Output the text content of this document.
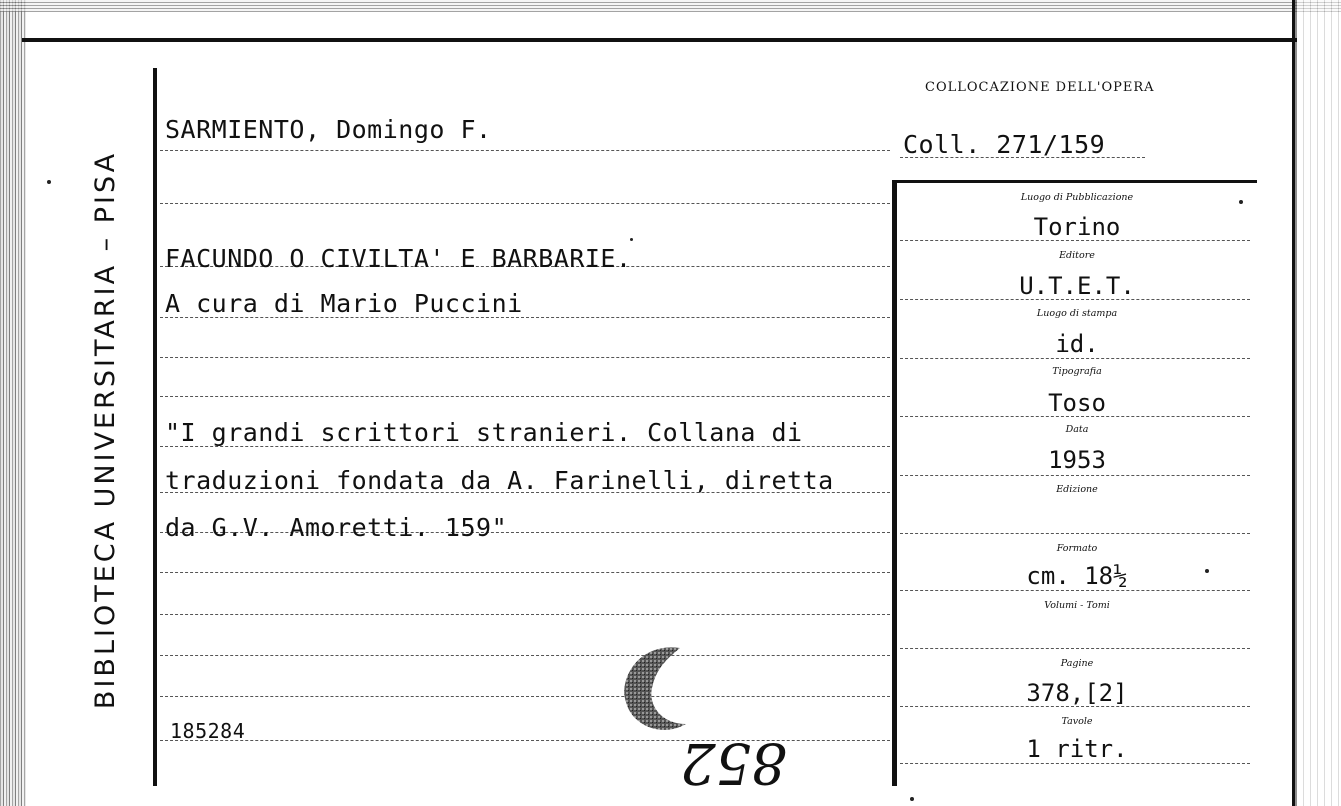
BIBLIOTECA UNIVERSITARIA – PISA
COLLOCAZIONE DELL'OPERA
Coll. 271/159
SARMIENTO, Domingo F.
FACUNDO O CIVILTA' E BARBARIE.
A cura di Mario Puccini
"I grandi scrittori stranieri. Collana di
traduzioni fondata da A. Farinelli, diretta
da G.V. Amoretti. 159"
185284
Luogo di Pubblicazione
Torino
Editore
U.T.E.T.
Luogo di stampa
id.
Tipografia
Toso
Data
1953
Edizione
Formato
cm. 18½
Volumi - Tomi
Pagine
378,[2]
Tavole
1 ritr.
852
